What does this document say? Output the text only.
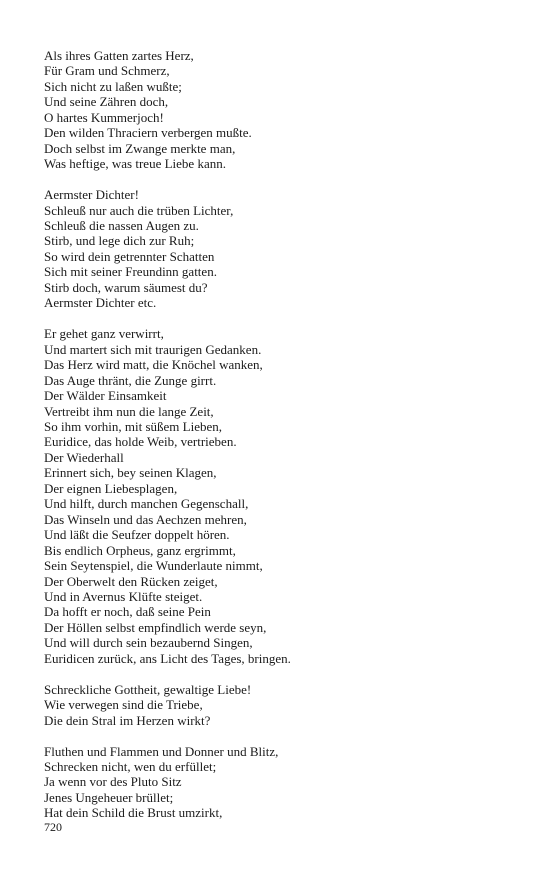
Als ihres Gatten zartes Herz,
Für Gram und Schmerz,
Sich nicht zu laßen wußte;
Und seine Zähren doch,
O hartes Kummerjoch!
Den wilden Thraciern verbergen mußte.
Doch selbst im Zwange merkte man,
Was heftige, was treue Liebe kann.
Aermster Dichter!
Schleuß nur auch die trüben Lichter,
Schleuß die nassen Augen zu.
Stirb, und lege dich zur Ruh;
So wird dein getrennter Schatten
Sich mit seiner Freundinn gatten.
Stirb doch, warum säumest du?
Aermster Dichter etc.
Er gehet ganz verwirrt,
Und martert sich mit traurigen Gedanken.
Das Herz wird matt, die Knöchel wanken,
Das Auge thränt, die Zunge girrt.
Der Wälder Einsamkeit
Vertreibt ihm nun die lange Zeit,
So ihm vorhin, mit süßem Lieben,
Euridice, das holde Weib, vertrieben.
Der Wiederhall
Erinnert sich, bey seinen Klagen,
Der eignen Liebesplagen,
Und hilft, durch manchen Gegenschall,
Das Winseln und das Aechzen mehren,
Und läßt die Seufzer doppelt hören.
Bis endlich Orpheus, ganz ergrimmt,
Sein Seytenspiel, die Wunderlaute nimmt,
Der Oberwelt den Rücken zeiget,
Und in Avernus Klüfte steiget.
Da hofft er noch, daß seine Pein
Der Höllen selbst empfindlich werde seyn,
Und will durch sein bezaubernd Singen,
Euridicen zurück, ans Licht des Tages, bringen.
Schreckliche Gottheit, gewaltige Liebe!
Wie verwegen sind die Triebe,
Die dein Stral im Herzen wirkt?
Fluthen und Flammen und Donner und Blitz,
Schrecken nicht, wen du erfüllet;
Ja wenn vor des Pluto Sitz
Jenes Ungeheuer brüllet;
Hat dein Schild die Brust umzirkt,
720
